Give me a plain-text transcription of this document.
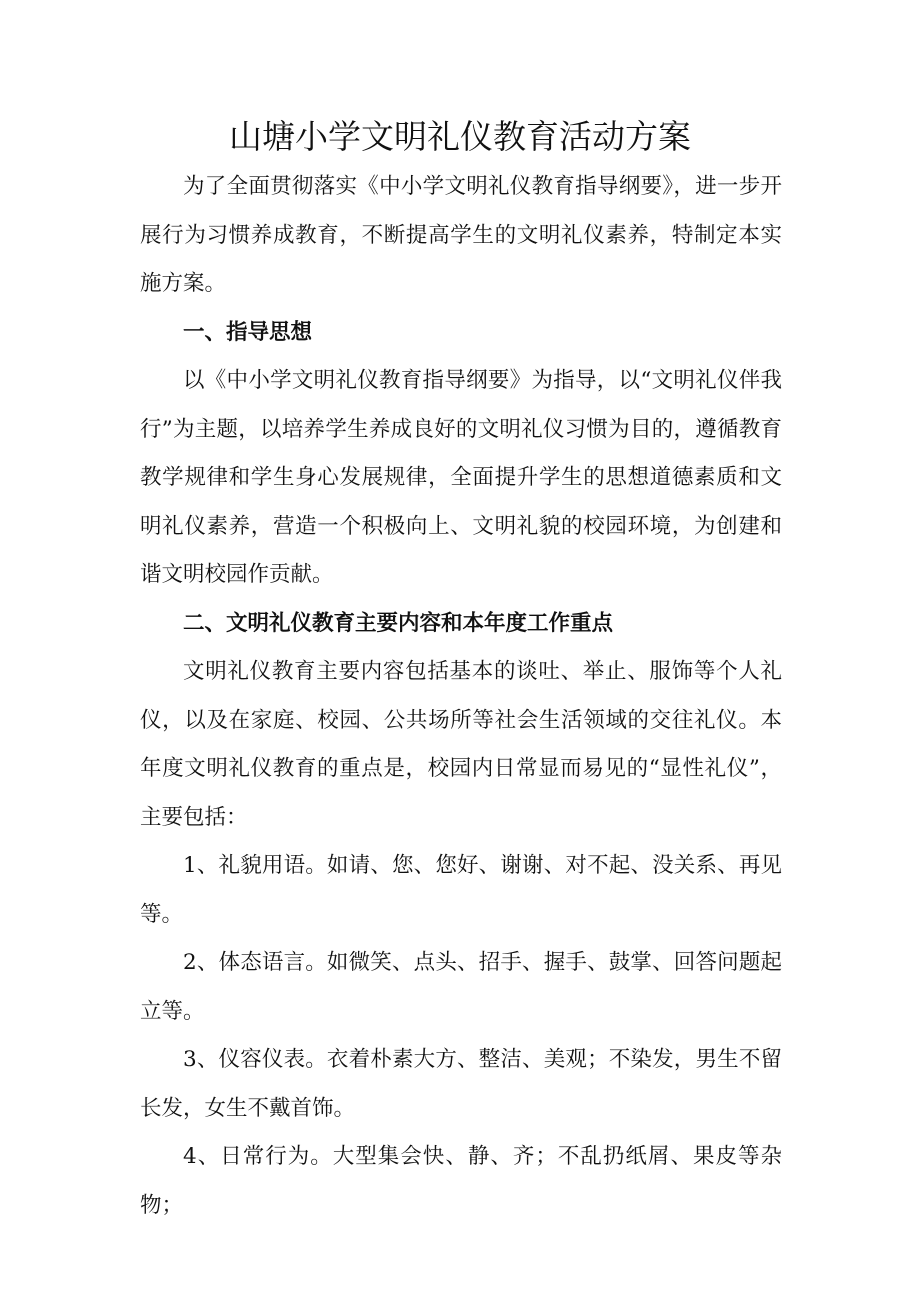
山塘小学文明礼仪教育活动方案

为了全面贯彻落实《中小学文明礼仪教育指导纲要》，进一步开展行为习惯养成教育，不断提高学生的文明礼仪素养，特制定本实施方案。

一、指导思想

以《中小学文明礼仪教育指导纲要》为指导，以“文明礼仪伴我行”为主题，以培养学生养成良好的文明礼仪习惯为目的，遵循教育教学规律和学生身心发展规律，全面提升学生的思想道德素质和文明礼仪素养，营造一个积极向上、文明礼貌的校园环境，为创建和谐文明校园作贡献。

二、文明礼仪教育主要内容和本年度工作重点

文明礼仪教育主要内容包括基本的谈吐、举止、服饰等个人礼仪，以及在家庭、校园、公共场所等社会生活领域的交往礼仪。本年度文明礼仪教育的重点是，校园内日常显而易见的“显性礼仪”，主要包括：

1、礼貌用语。如请、您、您好、谢谢、对不起、没关系、再见等。

2、体态语言。如微笑、点头、招手、握手、鼓掌、回答问题起立等。

3、仪容仪表。衣着朴素大方、整洁、美观；不染发，男生不留长发，女生不戴首饰。

4、日常行为。大型集会快、静、齐；不乱扔纸屑、果皮等杂物；
